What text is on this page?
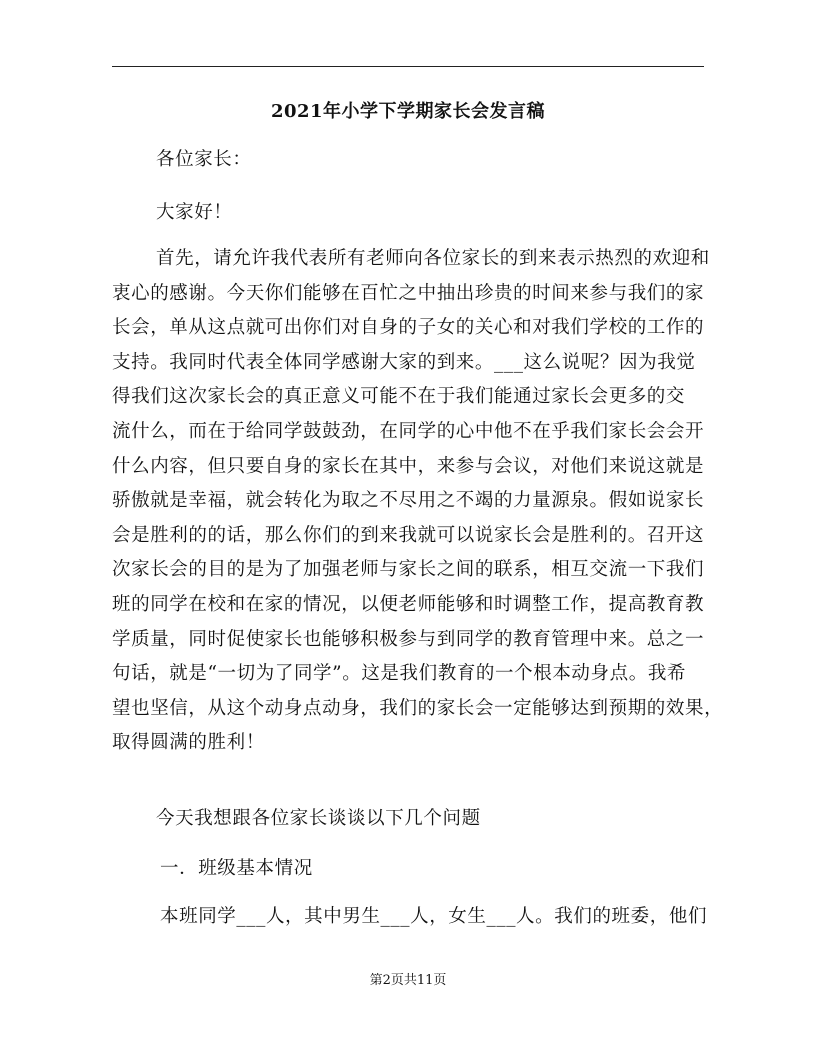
2021年小学下学期家长会发言稿

各位家长：

大家好！

首先，请允许我代表所有老师向各位家长的到来表示热烈的欢迎和
衷心的感谢。今天你们能够在百忙之中抽出珍贵的时间来参与我们的家
长会，单从这点就可出你们对自身的子女的关心和对我们学校的工作的
支持。我同时代表全体同学感谢大家的到来。___这么说呢？因为我觉
得我们这次家长会的真正意义可能不在于我们能通过家长会更多的交
流什么，而在于给同学鼓鼓劲，在同学的心中他不在乎我们家长会会开
什么内容，但只要自身的家长在其中，来参与会议，对他们来说这就是
骄傲就是幸福，就会转化为取之不尽用之不竭的力量源泉。假如说家长
会是胜利的的话，那么你们的到来我就可以说家长会是胜利的。召开这
次家长会的目的是为了加强老师与家长之间的联系，相互交流一下我们
班的同学在校和在家的情况，以便老师能够和时调整工作，提高教育教
学质量，同时促使家长也能够积极参与到同学的教育管理中来。总之一
句话，就是“一切为了同学”。这是我们教育的一个根本动身点。我希
望也坚信，从这个动身点动身，我们的家长会一定能够达到预期的效果，
取得圆满的胜利！

今天我想跟各位家长谈谈以下几个问题

一．班级基本情况

本班同学___人，其中男生___人，女生___人。我们的班委，他们

第2页共11页
